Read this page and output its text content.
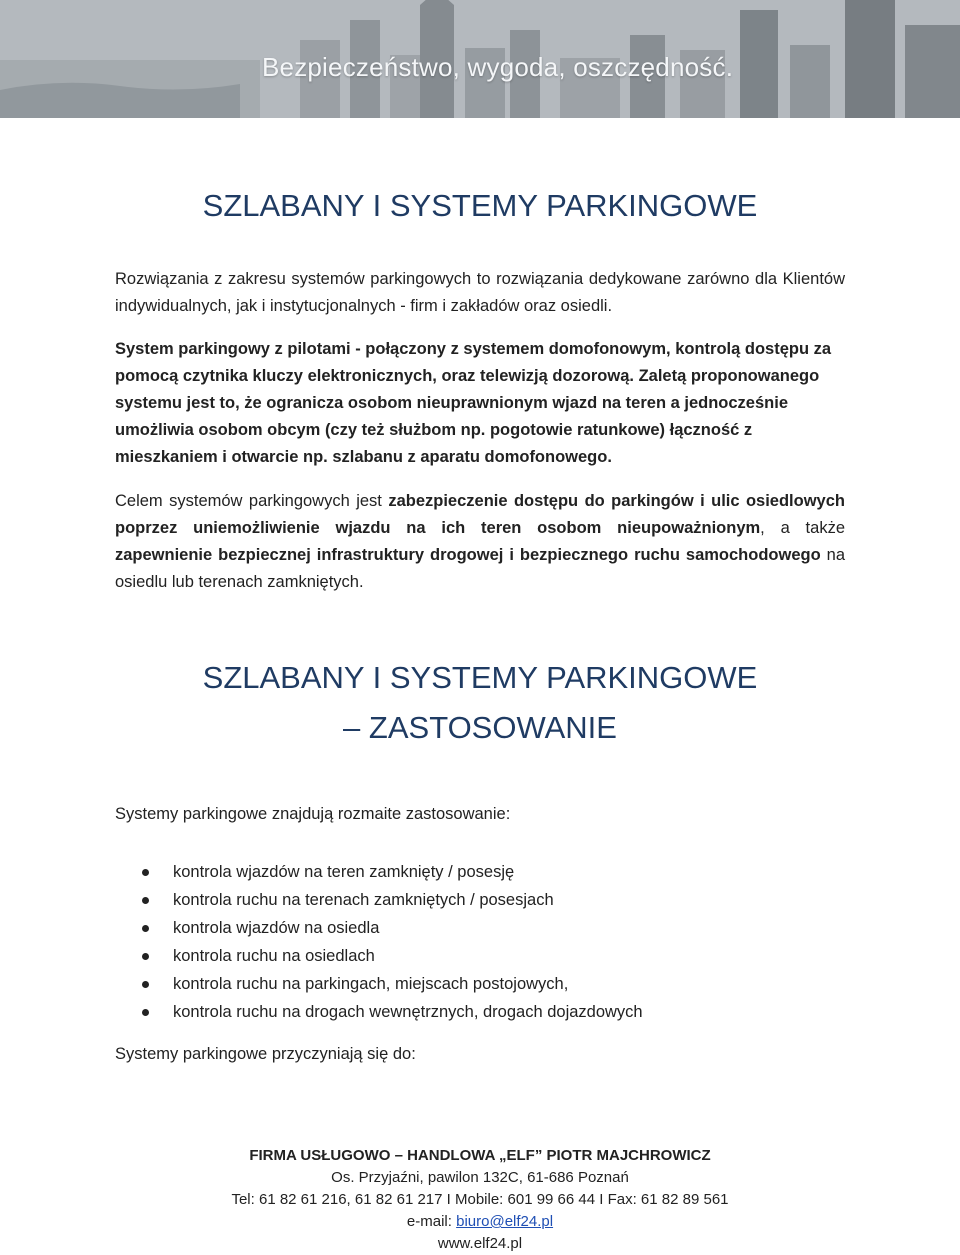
Bezpieczeństwo, wygoda, oszczędność.
SZLABANY I SYSTEMY PARKINGOWE
Rozwiązania z zakresu systemów parkingowych to rozwiązania dedykowane zarówno dla Klientów indywidualnych, jak i instytucjonalnych - firm i zakładów oraz osiedli.
System parkingowy z pilotami - połączony z systemem domofonowym, kontrolą dostępu za pomocą czytnika kluczy elektronicznych, oraz telewizją dozorową. Zaletą proponowanego systemu jest to, że ogranicza osobom nieuprawnionym wjazd na teren a jednocześnie umożliwia osobom obcym (czy też służbom np. pogotowie ratunkowe) łączność z mieszkaniem i otwarcie np. szlabanu z aparatu domofonowego.
Celem systemów parkingowych jest zabezpieczenie dostępu do parkingów i ulic osiedlowych poprzez uniemożliwienie wjazdu na ich teren osobom nieupoważnionym, a także zapewnienie bezpiecznej infrastruktury drogowej i bezpiecznego ruchu samochodowego na osiedlu lub terenach zamkniętych.
SZLABANY I SYSTEMY PARKINGOWE
– ZASTOSOWANIE
Systemy parkingowe znajdują rozmaite zastosowanie:
kontrola wjazdów na teren zamknięty / posesję
kontrola ruchu na terenach zamkniętych / posesjach
kontrola wjazdów na osiedla
kontrola ruchu na osiedlach
kontrola ruchu na parkingach, miejscach postojowych,
kontrola ruchu na drogach wewnętrznych, drogach dojazdowych
Systemy parkingowe przyczyniają się do:
FIRMA USŁUGOWO – HANDLOWA „ELF” PIOTR MAJCHROWICZ
Os. Przyjaźni, pawilon 132C, 61-686 Poznań
Tel: 61 82 61 216, 61 82 61 217 I Mobile: 601 99 66 44 I Fax: 61 82 89 561
e-mail: biuro@elf24.pl
www.elf24.pl
